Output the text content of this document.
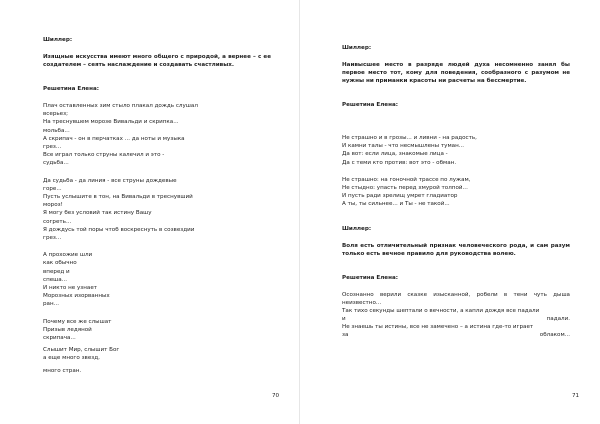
Шиллер:
Изящные искусства имеют много общего с природой, а вернее – с ее создателем – сеять наслаждение и создавать счастливых.
Решетина Елена:
Плач оставленных зим стыло плакал дождь слушал
всерьез;
На треснувшем морозе Вивальди и скрипка...
мольба...
А скрипач - он в перчатках ... да ноты и музыка
грез...
Все играл только струны калечил и это -
судьба...
Да судьба - да линия - все струны дождевые
горе...
Пусть услышите в тон, на Вивальди в треснувший
мороз!
Я могу без условий так истину Вашу
согреть...
Я дождусь той поры чтоб воскреснуть в созвездии
грез...
А прохожие шли
как обычно
вперед и
спеша...
И никто не узнает
Морозных изорванных
ран...
Почему все же слышат
Призыв ледяной
скрипача...
Слышит Мир, слышит Бог
а еще много звезд,
много стран.
70
Шиллер:
Наивысшее место в разряде людей духа несомненно занял бы первое место тот, кому для поведения, сообразного с разумом не нужны ни приманки красоты ни расчеты на бессмертие.
Решетина Елена:
Не страшно и в грозы... и ливни - на радость,
И камни талы - что несмышлены туман...
Да вот: если лица, знакомые лица -
Да с теми кто против: вот это - обман.
Не страшно: на гоночной трассе по лужам,
Не стыдно: упасть перед хмурой толпой...
И пусть ради зрелищ умрет гладиатор
А ты, ты сильнее... и Ты - не такой...
Шиллер:
Воля есть отличительный признак человеческого рода, и сам разум только есть вечное правило для руководства волею.
Решетина Елена:
Осознанно верили сказке изысканной, робели в тени чуть дыша неизвестно...
Так тихо секунды шептали о вечности, а капли дождя все падали
и	падали.
Не знаешь ты истины, все не замечено – а истина где-то играет
за	облаком...
71
